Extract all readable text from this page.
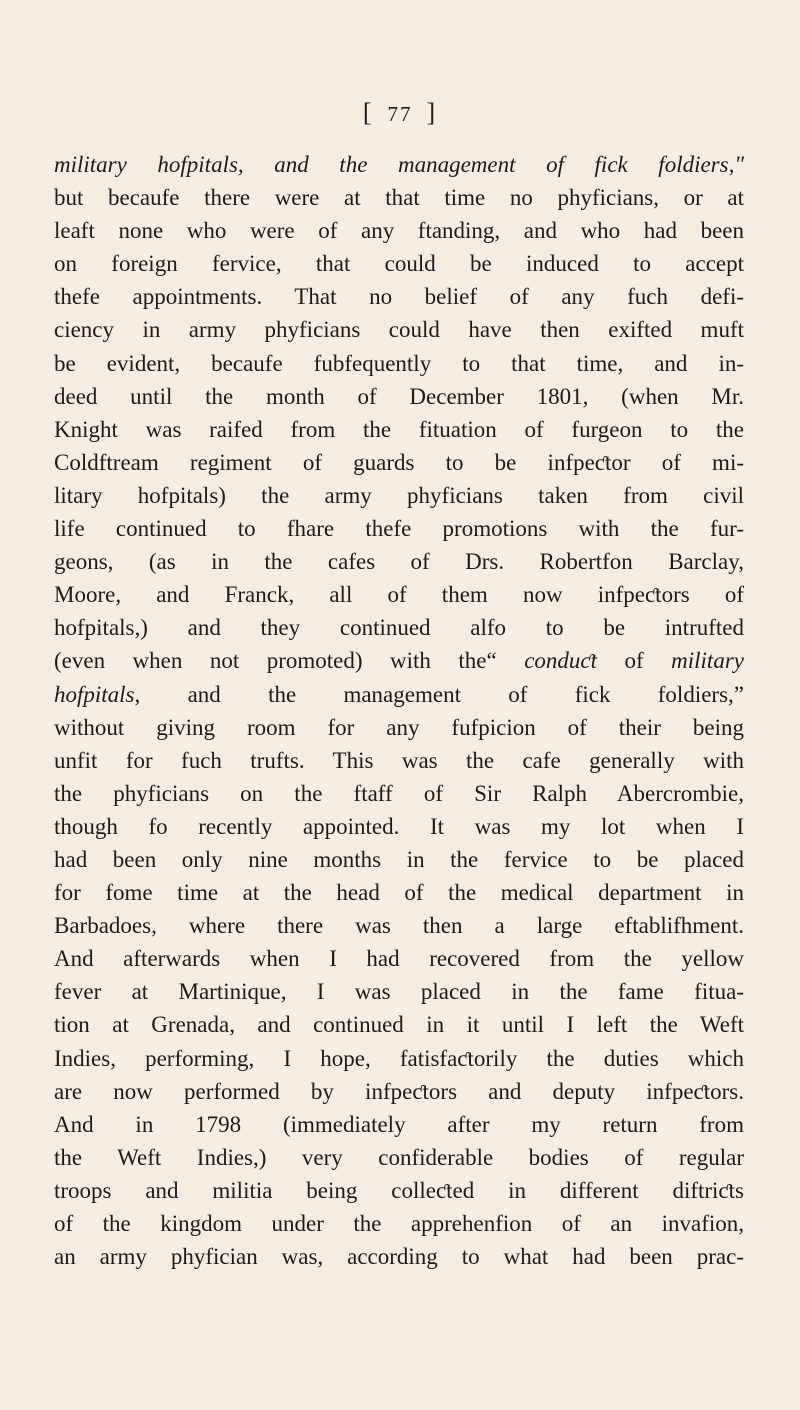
[ 77 ]
military hofpitals, and the management of fick foldiers,"
but becaufe there were at that time no phyficians, or at
leaft none who were of any ftanding, and who had been
on foreign fervice, that could be induced to accept
thefe appointments. That no belief of any fuch defi-
ciency in army phyficians could have then exifted muft
be evident, becaufe fubfequently to that time, and in-
deed until the month of December 1801, (when Mr.
Knight was raifed from the fituation of furgeon to the
Coldftream regiment of guards to be infpeƈtor of mi-
litary hofpitals) the army phyficians taken from civil
life continued to fhare thefe promotions with the fur-
geons, (as in the cafes of Drs. Robertfon Barclay,
Moore, and Franck, all of them now infpeƈtors of
hofpitals,) and they continued alfo to be intrufted
(even when not promoted) with the“ conduƈt of military
hofpitals, and the management of fick foldiers,”
without giving room for any fufpicion of their being
unfit for fuch trufts. This was the cafe generally with
the phyficians on the ftaff of Sir Ralph Abercrombie,
though fo recently appointed. It was my lot when I
had been only nine months in the fervice to be placed
for fome time at the head of the medical department in
Barbadoes, where there was then a large eftablifhment.
And afterwards when I had recovered from the yellow
fever at Martinique, I was placed in the fame fitua-
tion at Grenada, and continued in it until I left the Weft
Indies, performing, I hope, fatisfaƈtorily the duties which
are now performed by infpeƈtors and deputy infpeƈtors.
And in 1798 (immediately after my return from
the Weft Indies,) very confiderable bodies of regular
troops and militia being colleƈted in different diftriƈts
of the kingdom under the apprehenfion of an invafion,
an army phyfician was, according to what had been prac-
